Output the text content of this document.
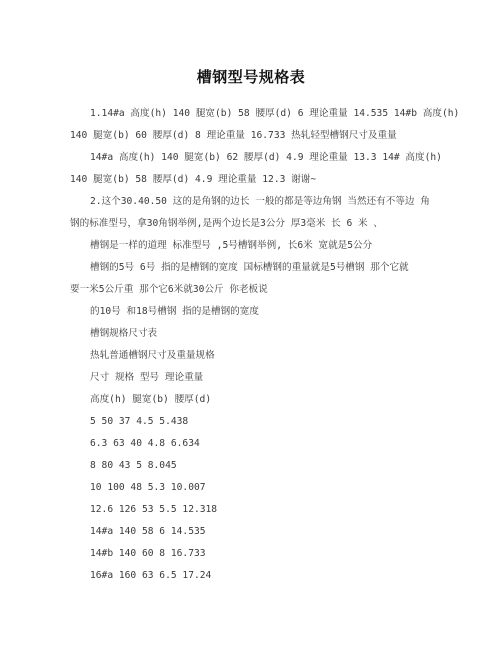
槽钢型号规格表
1.14#a 高度(h) 140 腿宽(b) 58 腰厚(d) 6 理论重量 14.535 14#b 高度(h)
140 腿宽(b) 60 腰厚(d) 8 理论重量 16.733 热轧轻型槽钢尺寸及重量
14#a 高度(h) 140 腿宽(b) 62 腰厚(d) 4.9 理论重量 13.3 14# 高度(h)
140 腿宽(b) 58 腰厚(d) 4.9 理论重量 12.3 谢谢~
2.这个30.40.50 这的是角钢的边长 一般的都是等边角钢 当然还有不等边 角
钢的标准型号，拿30角钢举例,是两个边长是3公分 厚3毫米 长 6 米 、
槽钢是一样的道理 标准型号 ,5号槽钢举例, 长6米 宽就是5公分
槽钢的5号 6号 指的是槽钢的宽度 国标槽钢的重量就是5号槽钢 那个它就
要一米5公斤重 那个它6米就30公斤 你老板说
的10号 和18号槽钢 指的是槽钢的宽度
槽钢规格尺寸表
热轧普通槽钢尺寸及重量规格
尺寸 规格 型号 理论重量
高度(h) 腿宽(b) 腰厚(d)
5 50 37 4.5 5.438
6.3 63 40 4.8 6.634
8 80 43 5 8.045
10 100 48 5.3 10.007
12.6 126 53 5.5 12.318
14#a 140 58 6 14.535
14#b 140 60 8 16.733
16#a 160 63 6.5 17.24
